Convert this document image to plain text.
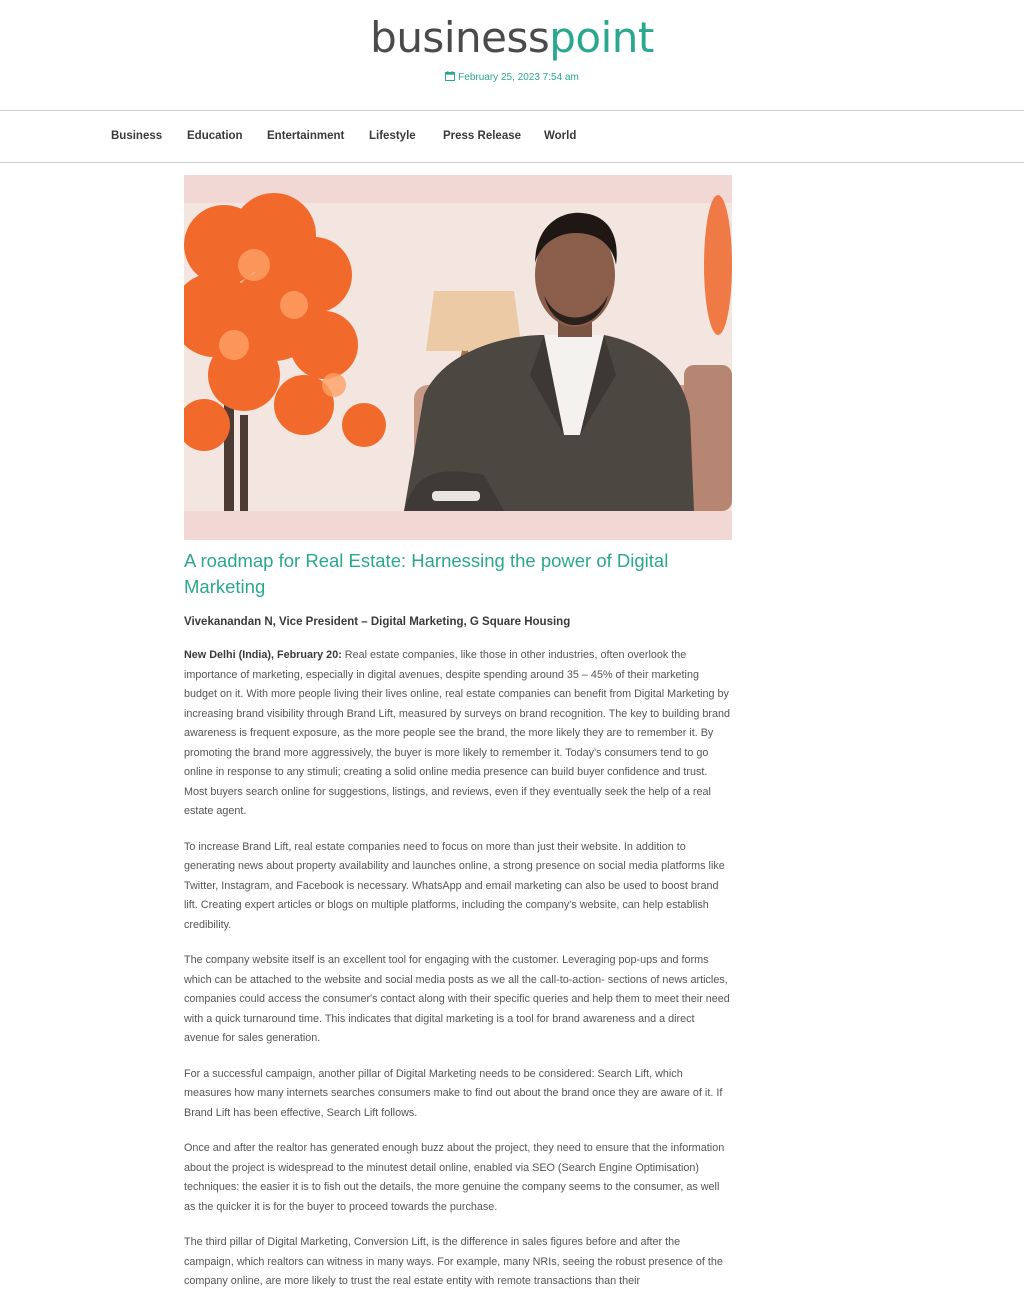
businesspoint
February 25, 2023 7:54 am
Business Education Entertainment Lifestyle Press Release World
A roadmap for Real Estate: Harnessing the power of Digital Marketing

Vivekanandan N, Vice President – Digital Marketing, G Square Housing

New Delhi (India), February 20: Real estate companies, like those in other industries, often overlook the importance of marketing, especially in digital avenues, despite spending around 35 – 45% of their marketing budget on it. With more people living their lives online, real estate companies can benefit from Digital Marketing by increasing brand visibility through Brand Lift, measured by surveys on brand recognition. The key to building brand awareness is frequent exposure, as the more people see the brand, the more likely they are to remember it. By promoting the brand more aggressively, the buyer is more likely to remember it. Today's consumers tend to go online in response to any stimuli; creating a solid online media presence can build buyer confidence and trust. Most buyers search online for suggestions, listings, and reviews, even if they eventually seek the help of a real estate agent.

To increase Brand Lift, real estate companies need to focus on more than just their website. In addition to generating news about property availability and launches online, a strong presence on social media platforms like Twitter, Instagram, and Facebook is necessary. WhatsApp and email marketing can also be used to boost brand lift. Creating expert articles or blogs on multiple platforms, including the company's website, can help establish credibility.

The company website itself is an excellent tool for engaging with the customer. Leveraging pop-ups and forms which can be attached to the website and social media posts as we all the call-to-action- sections of news articles, companies could access the consumer's contact along with their specific queries and help them to meet their need with a quick turnaround time. This indicates that digital marketing is a tool for brand awareness and a direct avenue for sales generation.

For a successful campaign, another pillar of Digital Marketing needs to be considered: Search Lift, which measures how many internets searches consumers make to find out about the brand once they are aware of it. If Brand Lift has been effective, Search Lift follows.

Once and after the realtor has generated enough buzz about the project, they need to ensure that the information about the project is widespread to the minutest detail online, enabled via SEO (Search Engine Optimisation) techniques: the easier it is to fish out the details, the more genuine the company seems to the consumer, as well as the quicker it is for the buyer to proceed towards the purchase.

The third pillar of Digital Marketing, Conversion Lift, is the difference in sales figures before and after the campaign, which realtors can witness in many ways. For example, many NRIs, seeing the robust presence of the company online, are more likely to trust the real estate entity with remote transactions than their
